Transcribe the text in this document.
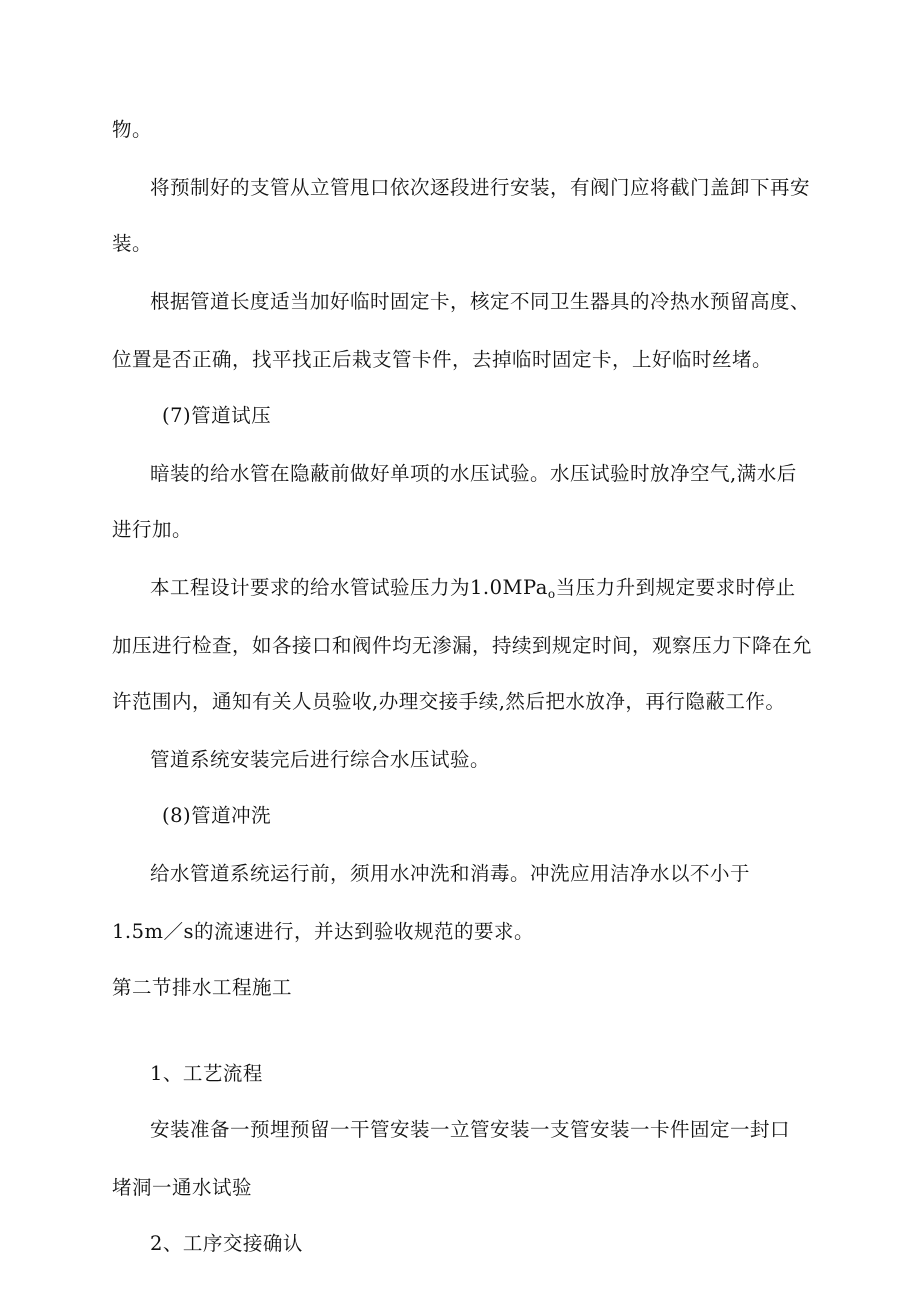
物。
将预制好的支管从立管甩口依次逐段进行安装，有阀门应将截门盖卸下再安
装。
根据管道长度适当加好临时固定卡，核定不同卫生器具的冷热水预留高度、
位置是否正确，找平找正后栽支管卡件，去掉临时固定卡，上好临时丝堵。
(7)管道试压
暗装的给水管在隐蔽前做好单项的水压试验。水压试验时放净空气,满水后
进行加。
本工程设计要求的给水管试验压力为1.0MPa$_o$当压力升到规定要求时停止
加压进行检查，如各接口和阀件均无渗漏，持续到规定时间，观察压力下降在允
许范围内，通知有关人员验收,办理交接手续,然后把水放净，再行隐蔽工作。
管道系统安装完后进行综合水压试验。
(8)管道冲洗
给水管道系统运行前，须用水冲洗和消毒。冲洗应用洁净水以不小于
1.5m／s的流速进行，并达到验收规范的要求。
第二节排水工程施工
1、工艺流程
安装准备一预埋预留一干管安装一立管安装一支管安装一卡件固定一封口
堵洞一通水试验
2、工序交接确认
